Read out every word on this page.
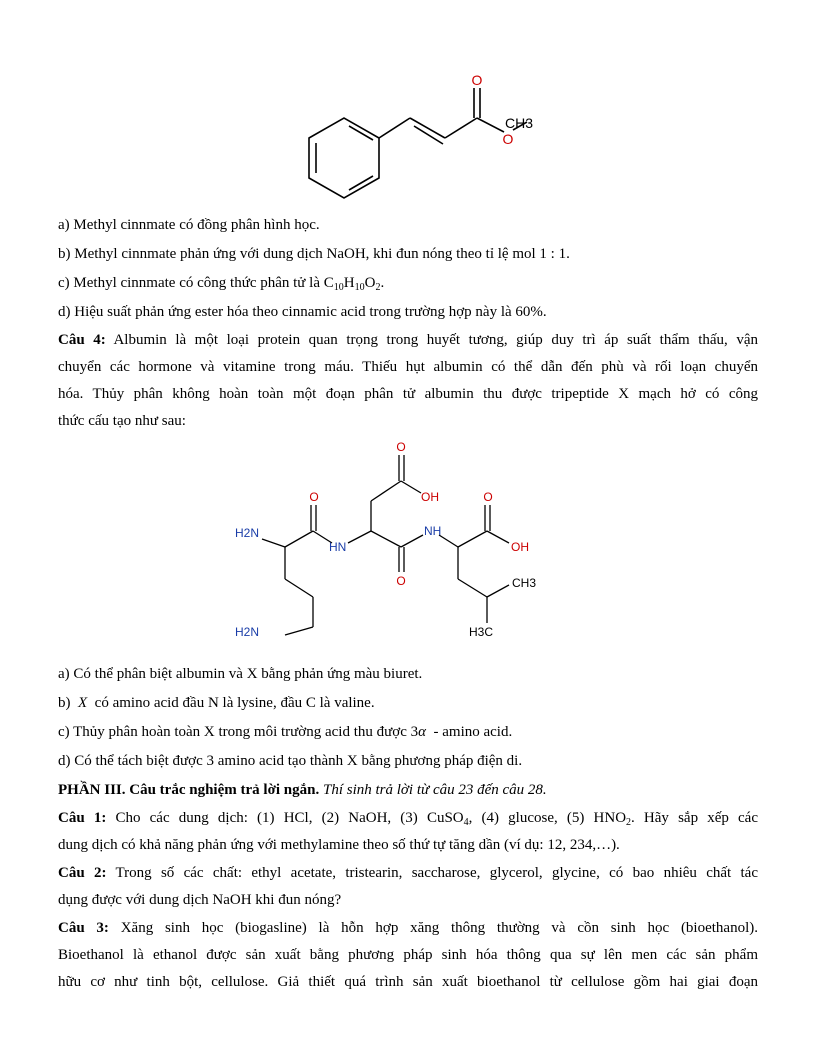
O
O
CH3
a) Methyl cinnmate có đồng phân hình học.
b) Methyl cinnmate phản ứng với dung dịch NaOH, khi đun nóng theo tỉ lệ mol 1 : 1.
c) Methyl cinnmate có công thức phân tử là $C_{10}H_{10}O_2$.
d) Hiệu suất phản ứng ester hóa theo cinnamic acid trong trường hợp này là 60%.
Câu 4: Albumin là một loại protein quan trọng trong huyết tương, giúp duy trì áp suất thẩm thấu, vận
chuyển các hormone và vitamine trong máu. Thiếu hụt albumin có thể dẫn đến phù và rối loạn chuyển
hóa. Thủy phân không hoàn toàn một đoạn phân tử albumin thu được tripeptide X mạch hở có công
thức cấu tạo như sau:
H2N
H2N
O
HN
O
OH
O
NH
O
OH
CH3
H3C
a) Có thể phân biệt albumin và X bằng phản ứng màu biuret.
b) X có amino acid đầu N là lysine, đầu C là valine.
c) Thủy phân hoàn toàn X trong môi trường acid thu được 3α - amino acid.
d) Có thể tách biệt được 3 amino acid tạo thành X bằng phương pháp điện di.
PHẦN III. Câu trắc nghiệm trả lời ngắn. Thí sinh trả lời từ câu 23 đến câu 28.
Câu 1: Cho các dung dịch: (1) HCl, (2) NaOH, (3) CuSO$_4$, (4) glucose, (5) $HNO_2$. Hãy sắp xếp các
dung dịch có khả năng phản ứng với methylamine theo số thứ tự tăng dần (ví dụ: 12, 234,…).
Câu 2: Trong số các chất: ethyl acetate, tristearin, saccharose, glycerol, glycine, có bao nhiêu chất tác
dụng được với dung dịch NaOH khi đun nóng?
Câu 3: Xăng sinh học (biogasline) là hỗn hợp xăng thông thường và cồn sinh học (bioethanol).
Bioethanol là ethanol được sản xuất bằng phương pháp sinh hóa thông qua sự lên men các sản phẩm
hữu cơ như tinh bột, cellulose. Giả thiết quá trình sản xuất bioethanol từ cellulose gồm hai giai đoạn
